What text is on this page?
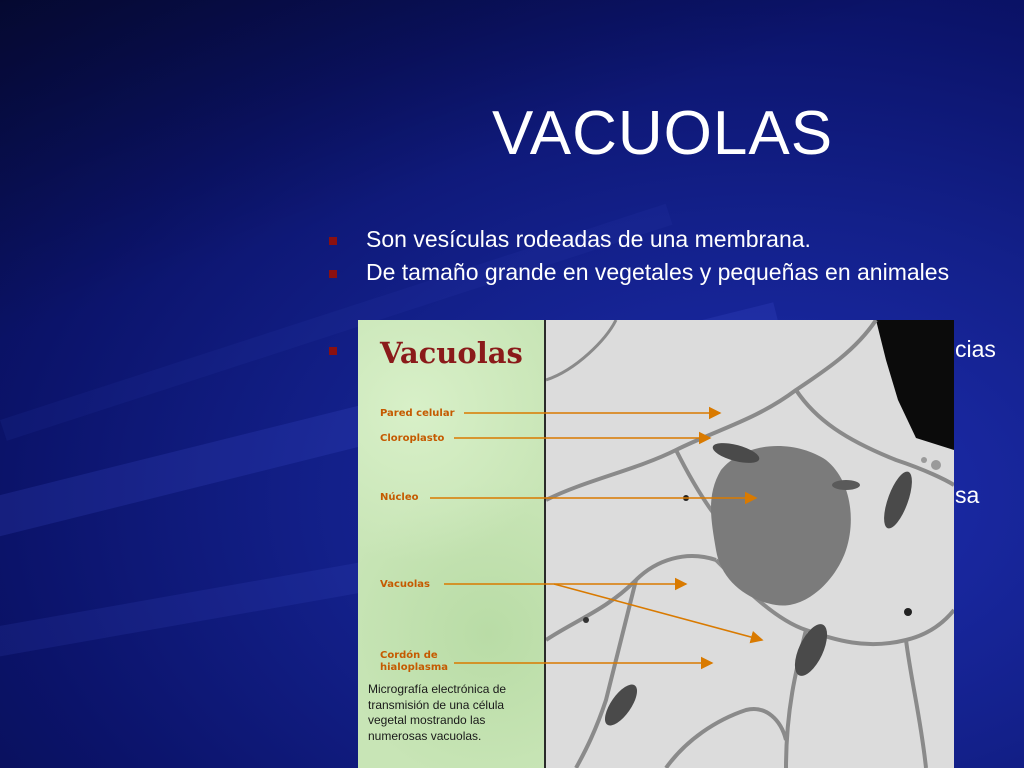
VACUOLAS
Son vesículas rodeadas de una membrana.
De tamaño grande en vegetales y pequeñas en animales
cias
sa
Vacuolas
Pared celular
Cloroplasto
Núcleo
Vacuolas
Cordón de
hialoplasma
Micrografía electrónica de transmisión de una célula vegetal mostrando las numerosas vacuolas.
